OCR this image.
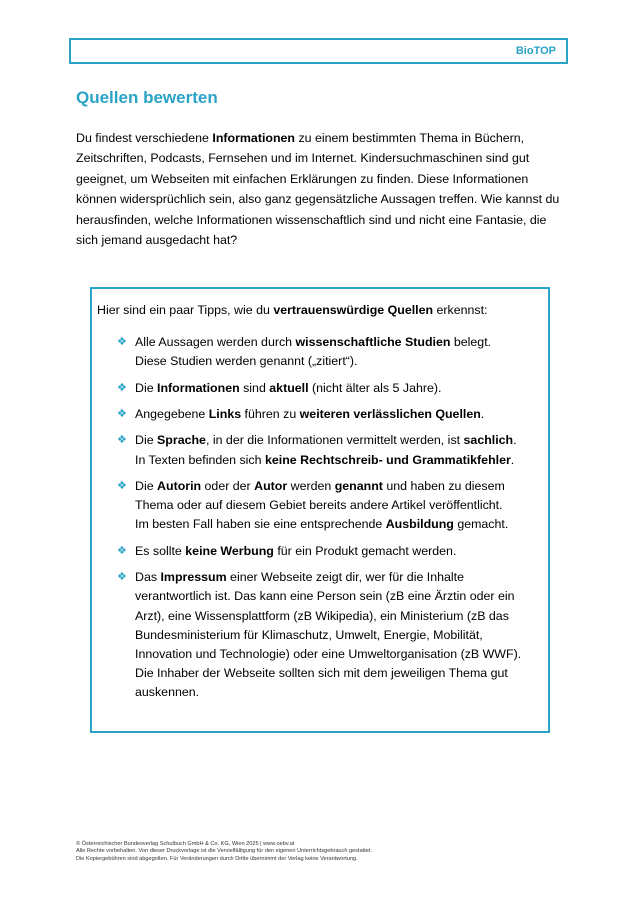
BioTOP
Quellen bewerten

Du findest verschiedene Informationen zu einem bestimmten Thema in Büchern, Zeitschriften, Podcasts, Fernsehen und im Internet. Kindersuchmaschinen sind gut geeignet, um Webseiten mit einfachen Erklärungen zu finden. Diese Informationen können widersprüchlich sein, also ganz gegensätzliche Aussagen treffen. Wie kannst du herausfinden, welche Informationen wissenschaftlich sind und nicht eine Fantasie, die sich jemand ausgedacht hat?

Hier sind ein paar Tipps, wie du vertrauenswürdige Quellen erkennst:

❖ Alle Aussagen werden durch wissenschaftliche Studien belegt.
Diese Studien werden genannt („zitiert“).
❖ Die Informationen sind aktuell (nicht älter als 5 Jahre).
❖ Angegebene Links führen zu weiteren verlässlichen Quellen.
❖ Die Sprache, in der die Informationen vermittelt werden, ist sachlich.
In Texten befinden sich keine Rechtschreib- und Grammatikfehler.
❖ Die Autorin oder der Autor werden genannt und haben zu diesem Thema oder auf diesem Gebiet bereits andere Artikel veröffentlicht.
Im besten Fall haben sie eine entsprechende Ausbildung gemacht.
❖ Es sollte keine Werbung für ein Produkt gemacht werden.
❖ Das Impressum einer Webseite zeigt dir, wer für die Inhalte verantwortlich ist. Das kann eine Person sein (zB eine Ärztin oder ein Arzt), eine Wissensplattform (zB Wikipedia), ein Ministerium (zB das Bundesministerium für Klimaschutz, Umwelt, Energie, Mobilität, Innovation und Technologie) oder eine Umweltorganisation (zB WWF). Die Inhaber der Webseite sollten sich mit dem jeweiligen Thema gut auskennen.
© Österreichischer Bundesverlag Schulbuch GmbH & Co. KG, Wien 2025 | www.oebv.at
Alle Rechte vorbehalten. Von dieser Druckvorlage ist die Vervielfältigung für den eigenen Unterrichtsgebrauch gestattet.
Die Kopiergebühren sind abgegolten. Für Veränderungen durch Dritte übernimmt der Verlag keine Verantwortung.
